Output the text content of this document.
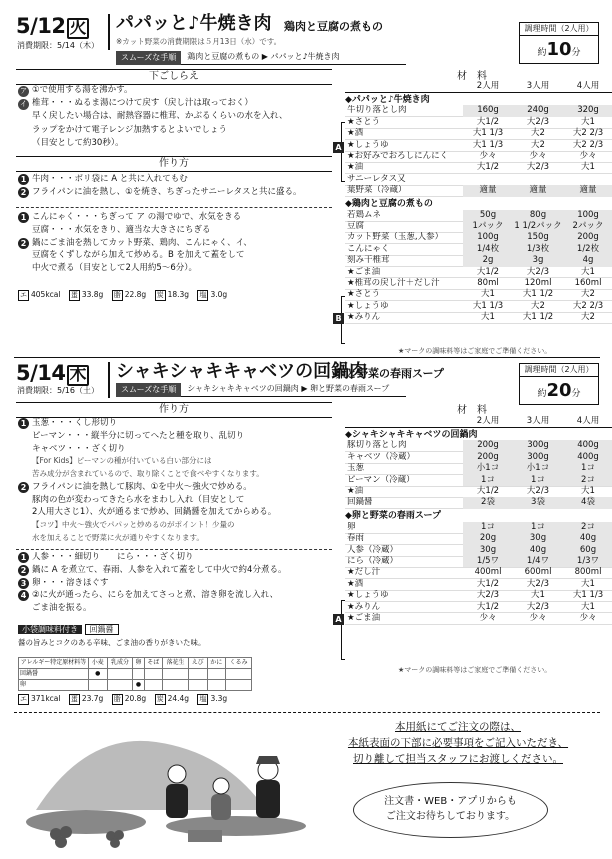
5/12 火 パパッと♪牛焼き肉 鶏肉と豆腐の煮もの
消費期限：5/14（木） ※カット野菜の消費期限は５月13日（水）です。
スムーズな手順	鶏肉と豆腐の煮もの ▶ パパッと♪牛焼き肉
調理時間（2人用）
約10分
下ごしらえ
ア ①で使用する湯を沸かす。
イ 椎茸・・・ぬるま湯につけて戻す（戻し汁は取っておく）
早く戻したい場合は、耐熱容器に椎茸、かぶるくらいの水を入れ、
ラップをかけて電子レンジ加熱するとよいでしょう
（目安として約30秒）。
作り方
1 牛肉・・・ボリ袋に A と共に入れてもむ
2 フライパンに油を熱し、①を焼き、ちぎったサニーレタスと共に盛る。
1 こんにゃく・・・ちぎって ア の湯でゆで、水気をきる
豆腐・・・水気をきり、適当な大きさにちぎる
2 鍋にごま油を熱してカット野菜、鶏肉、こんにゃく、イ、
豆腐をくずしながら加えて炒める。B を加えて蓋をして
中火で煮る（目安として2人用約5～6分）。
エ 405kcal 蛋 33.8g 脂 22.8g 炭 18.3g 塩 3.0g
材　料
2人用	3人用	4人用
◆パパッと♪牛焼き肉
牛切り落とし肉	160g	240g	320g
★さとう	大1/2	大2/3	大1
★酒	大1 1/3	大2	大2 2/3
★しょうゆ	大1 1/3	大2	大2 2/3
★お好みでおろしにんにく	少々	少々	少々
★油	大1/2	大2/3	大1
サニーレタス又
葉野菜（冷蔵）	適量	適量	適量
◆鶏肉と豆腐の煮もの
若鶏ムネ	50g	80g	100g
豆腐	1パック	1 1/2パック	2パック
カット野菜（玉葱,人参）	100g	150g	200g
こんにゃく	1/4枚	1/3枚	1/2枚
刻み干椎茸	2g	3g	4g
★ごま油	大1/2	大2/3	大1
★椎茸の戻し汁＋だし汁	80ml	120ml	160ml
★さとう	大1	大1 1/2	大2
★しょうゆ	大1 1/3	大2	大2 2/3
★みりん	大1	大1 1/2	大2
A
B
★マークの調味料等はご家庭でご準備ください。
5/14 木 シャキシャキキャベツの回鍋肉
卵と野菜の春雨スープ
消費期限：5/16（土）	スムーズな手順	シャキシャキキャベツの回鍋肉 ▶ 卵と野菜の春雨スープ
調理時間（2人用）
約20分
作り方
1 玉葱・・・くし形切り
ピーマン・・・縦半分に切ってへたと種を取り、乱切り
キャベツ・・・ざく切り
【For Kids】ピーマンの種が付いている白い部分には
苦み成分が含まれているので、取り除くことで食べやすくなります。
2 フライパンに油を熱して豚肉、①を中火～強火で炒める。
豚肉の色が変わってきたら水をまわし入れ（目安として
2人用大さじ1）、火が通るまで炒め、回鍋醤を加えてからめる。
【コツ】中火～強火でパパッと炒めるのがポイント！少量の
水を加えることで野菜に火が通りやすくなります。
1 人参・・・細切り　　にら・・・ざく切り
2 鍋に A を煮立て、春雨、人参を入れて蓋をして中火で約4分煮る。
3 卵・・・溶きほぐす
4 ②に火が通ったら、にらを加えてさっと煮、溶き卵を流し入れ、
ごま油を振る。
小袋調味料付き 回鍋醤
醤の旨みとコクのある辛味、ごま油の香りがきいた味。
アレルギー特定原材料等	小麦	乳成分	卵	そば	落花生	えび	かに	くるみ
回鍋醤	●							
卵			●					
エ 371kcal 蛋 23.7g 脂 20.8g 炭 24.4g 塩 3.3g
材　料
2人用	3人用	4人用
◆シャキシャキキャベツの回鍋肉
豚切り落とし肉	200g	300g	400g
キャベツ（冷蔵）	200g	300g	400g
玉葱	小1コ	小1コ	1コ
ピーマン（冷蔵）	1コ	1コ	2コ
★油	大1/2	大2/3	大1
回鍋醤	2袋	3袋	4袋
◆卵と野菜の春雨スープ
卵	1コ	1コ	2コ
春雨	20g	30g	40g
人参（冷蔵）	30g	40g	60g
にら（冷蔵）	1/5ワ	1/4ワ	1/3ワ
★だし汁	400ml	600ml	800ml
★酒	大1/2	大2/3	大1
★しょうゆ	大2/3	大1	大1 1/3
★みりん	大1/2	大2/3	大1
★ごま油	少々	少々	少々
A
★マークの調味料等はご家庭でご準備ください。
本用紙にてご注文の際は、
本紙表面の下部に必要事項をご記入いただき、
切り離して担当スタッフにお渡しください。
注文書・WEB・アプリからも
ご注文お待ちしております。
